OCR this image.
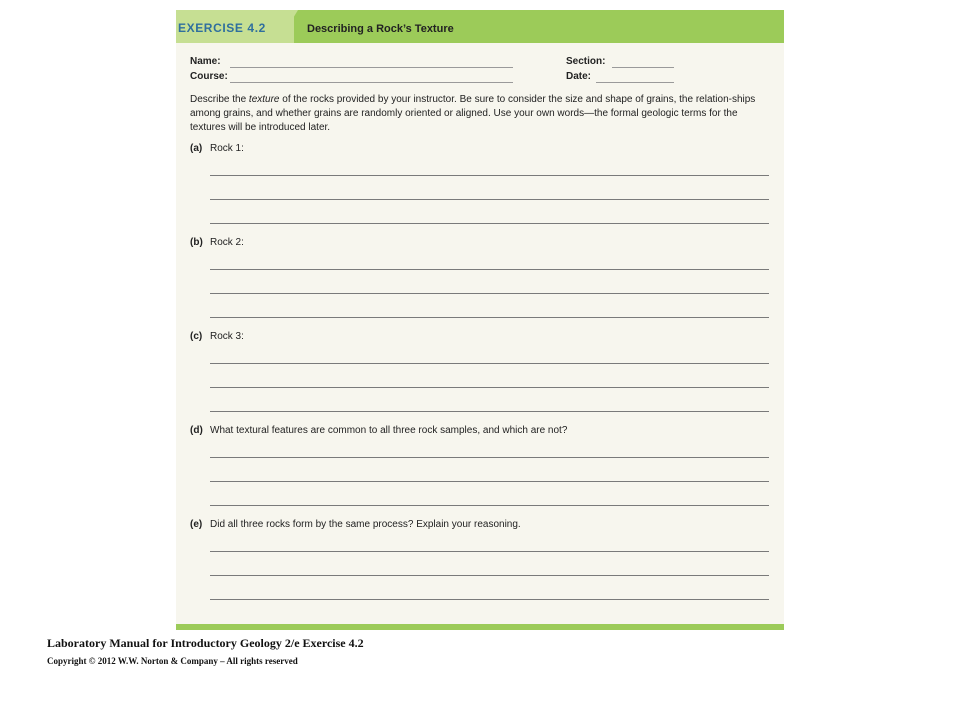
EXERCISE 4.2	Describing a Rock’s Texture
Name:
Course:
Section:
Date:
Describe the texture of the rocks provided by your instructor. Be sure to consider the size and shape of grains, the relation-ships among grains, and whether grains are randomly oriented or aligned. Use your own words—the formal geologic terms for the textures will be introduced later.
(a) Rock 1:
(b) Rock 2:
(c) Rock 3:
(d) What textural features are common to all three rock samples, and which are not?
(e) Did all three rocks form by the same process? Explain your reasoning.
Laboratory Manual for Introductory Geology 2/e Exercise 4.2
Copyright © 2012 W.W. Norton & Company – All rights reserved
